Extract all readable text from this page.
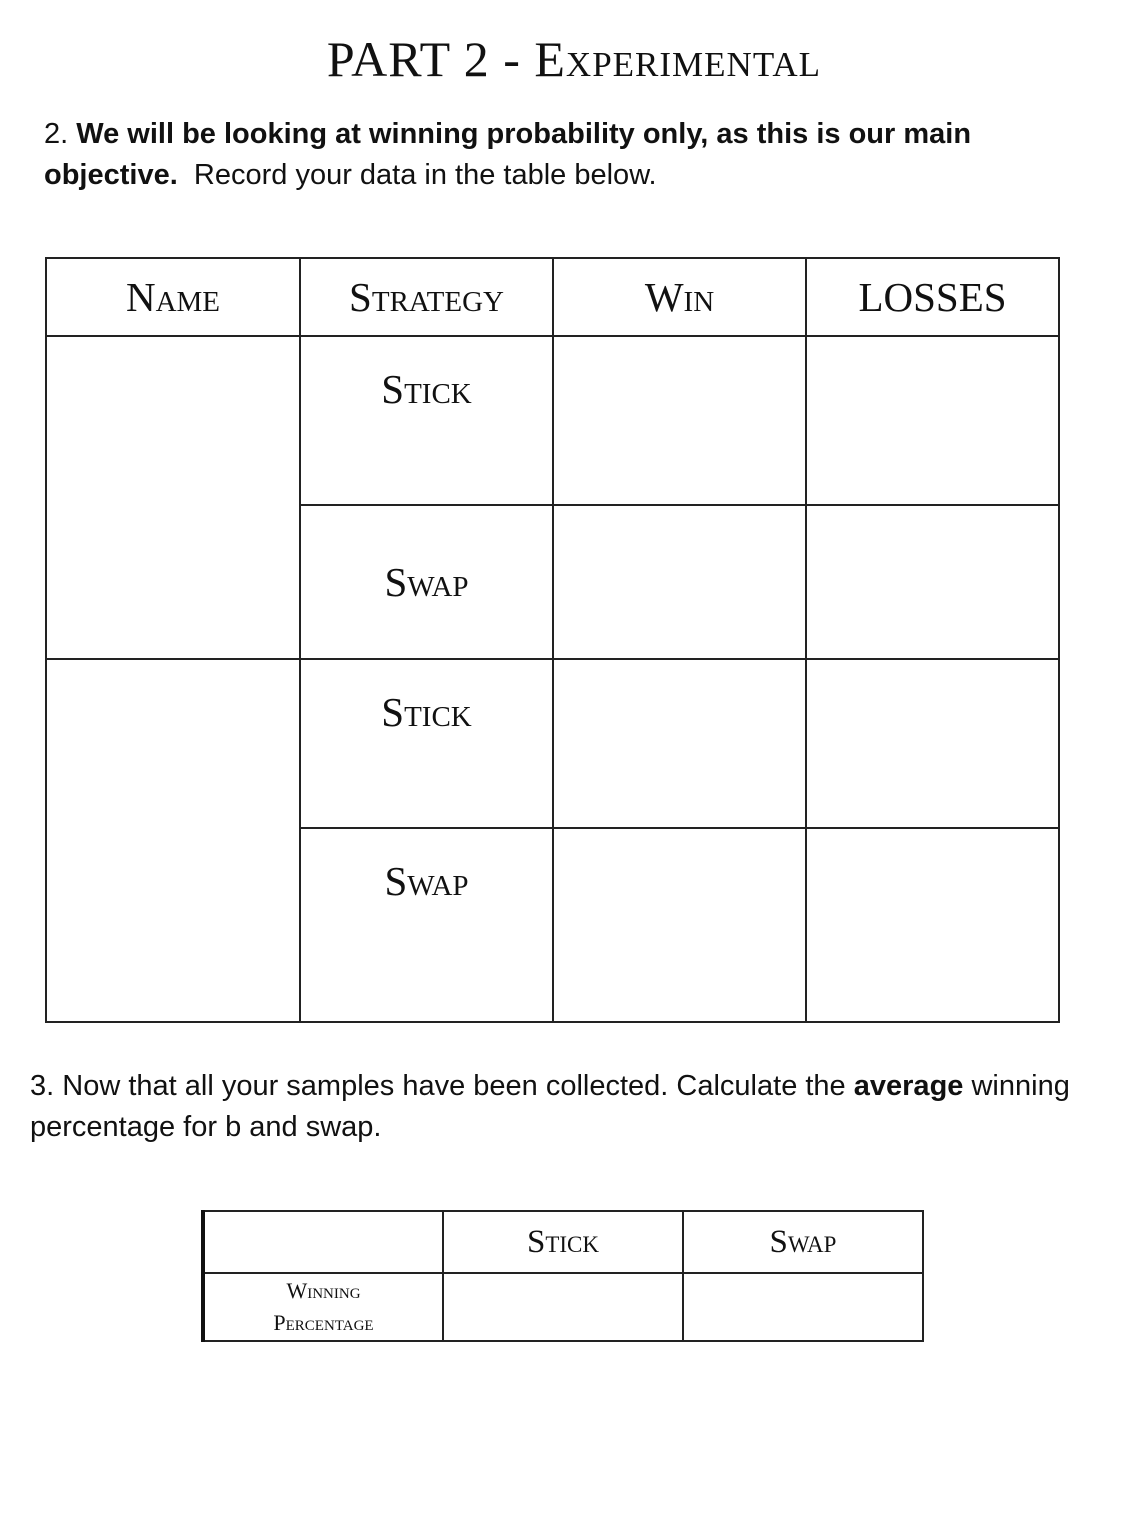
PART 2 - Experimental

2. We will be looking at winning probability only, as this is our main objective. Record your data in the table below.

Name	Strategy	Win	LOSSES
	Stick		
	Swap		
	Stick		
	Swap		

3. Now that all your samples have been collected. Calculate the average winning percentage for b and swap.

	Stick	Swap
Winning
Percentage		
